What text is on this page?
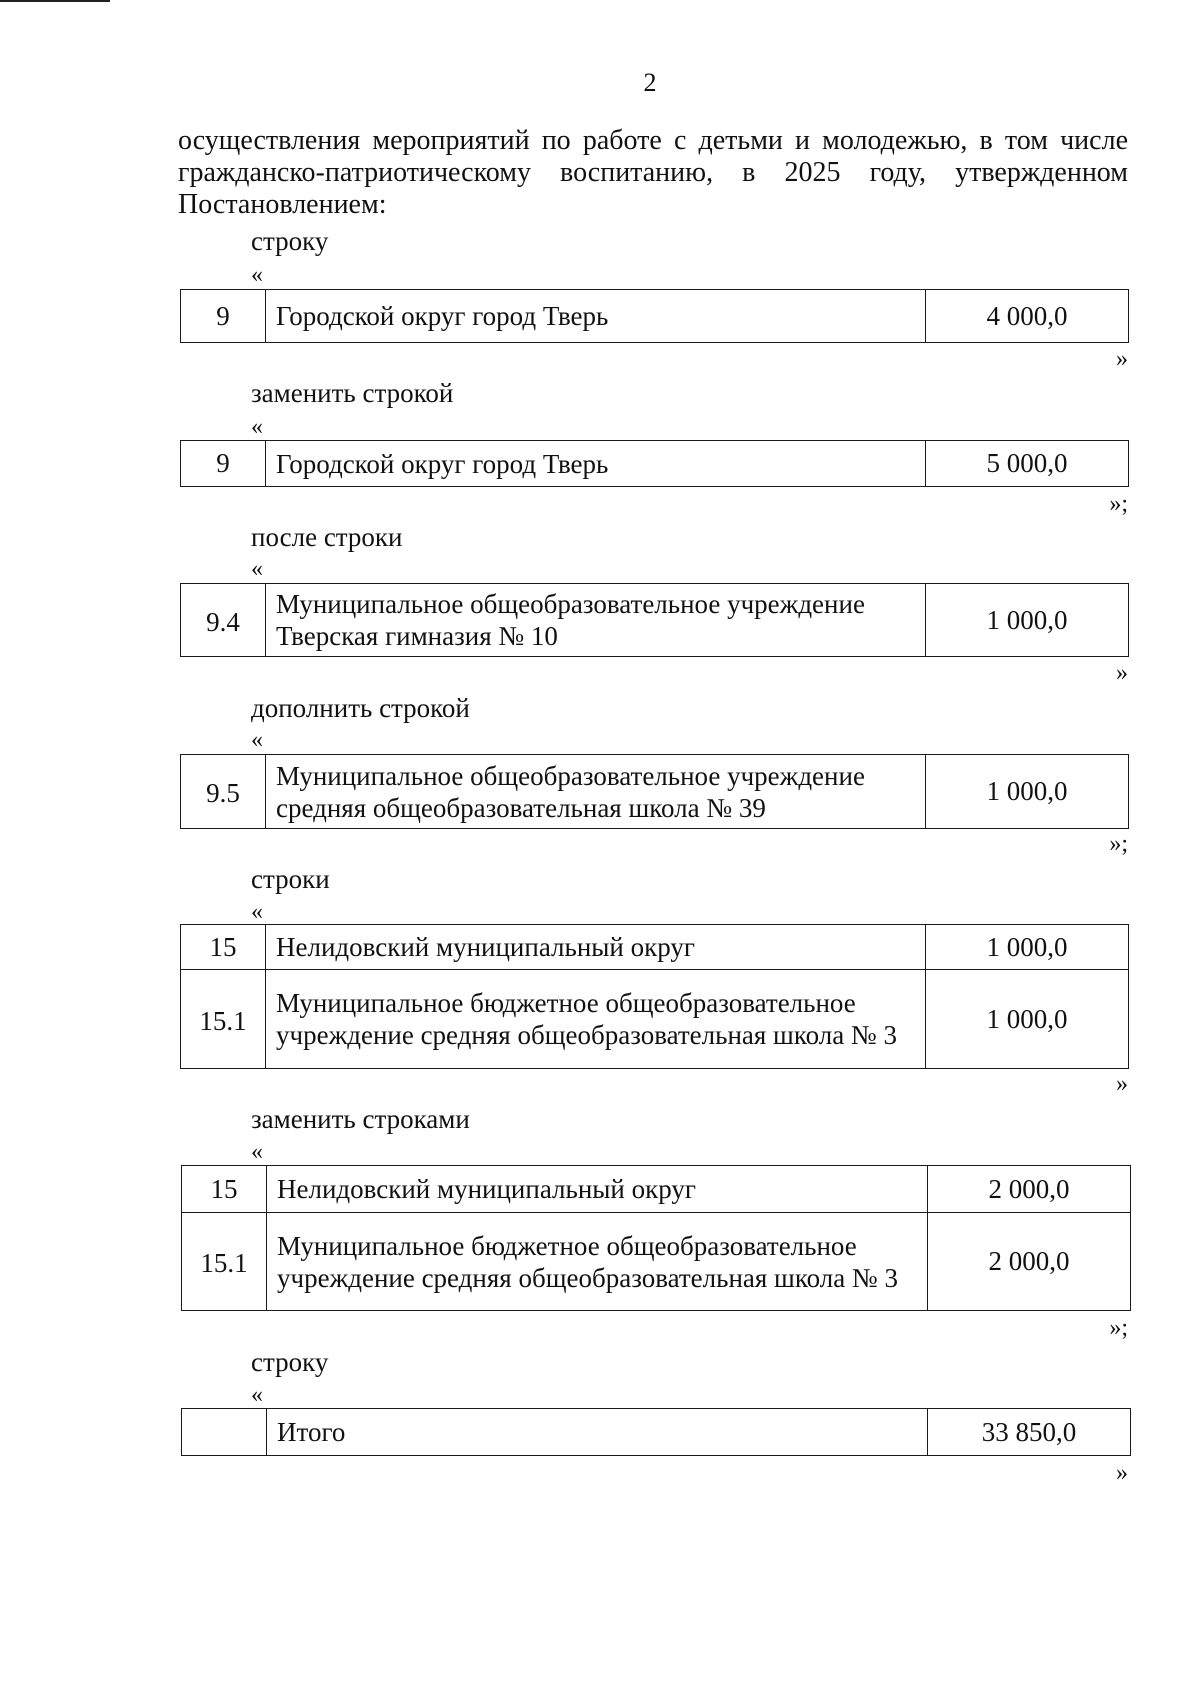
2
осуществления мероприятий по работе с детьми и молодежью, в том числе гражданско-патриотическому воспитанию, в 2025 году, утвержденном Постановлением:
строку
«
9	Городской округ город Тверь	4 000,0
»
заменить строкой
«
9	Городской округ город Тверь	5 000,0
»;
после строки
«
9.4	Муниципальное общеобразовательное учреждение Тверская гимназия № 10	1 000,0
»
дополнить строкой
«
9.5	Муниципальное общеобразовательное учреждение средняя общеобразовательная школа № 39	1 000,0
»;
строки
«
15	Нелидовский муниципальный округ	1 000,0
15.1	Муниципальное бюджетное общеобразовательное учреждение средняя общеобразовательная школа № 3	1 000,0
»
заменить строками
«
15	Нелидовский муниципальный округ	2 000,0
15.1	Муниципальное бюджетное общеобразовательное учреждение средняя общеобразовательная школа № 3	2 000,0
»;
строку
«
	Итого	33 850,0
»
